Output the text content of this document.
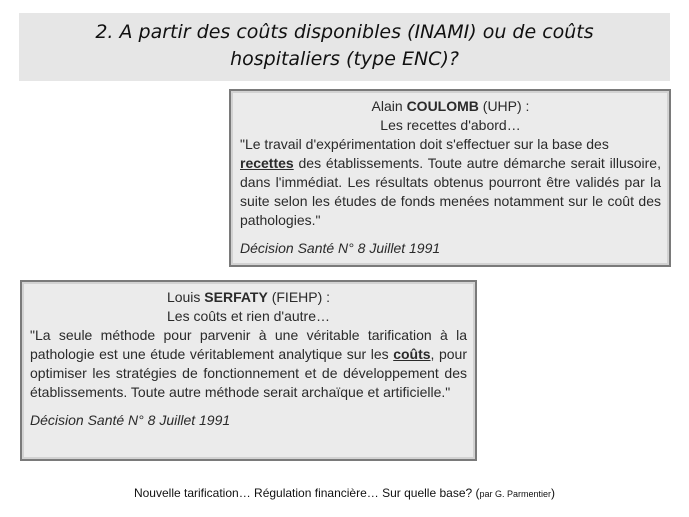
2. A partir des coûts disponibles (INAMI) ou de coûts
hospitaliers (type ENC)?
Alain COULOMB (UHP) :
Les recettes d'abord…
"Le travail d'expérimentation doit s'effectuer sur la base des
recettes des établissements. Toute autre démarche serait illusoire, dans l'immédiat. Les résultats obtenus pourront être validés par la suite selon les études de fonds menées notamment sur le coût des pathologies."
Décision Santé N° 8 Juillet 1991
Louis SERFATY (FIEHP) :
Les coûts et rien d'autre…
"La seule méthode pour parvenir à une véritable tarification à la pathologie est une étude véritablement analytique sur les coûts, pour optimiser les stratégies de fonctionnement et de développement des établissements. Toute autre méthode serait archaïque et artificielle."
Décision Santé N° 8 Juillet 1991
Nouvelle tarification… Régulation financière… Sur quelle base? (par G. Parmentier)
